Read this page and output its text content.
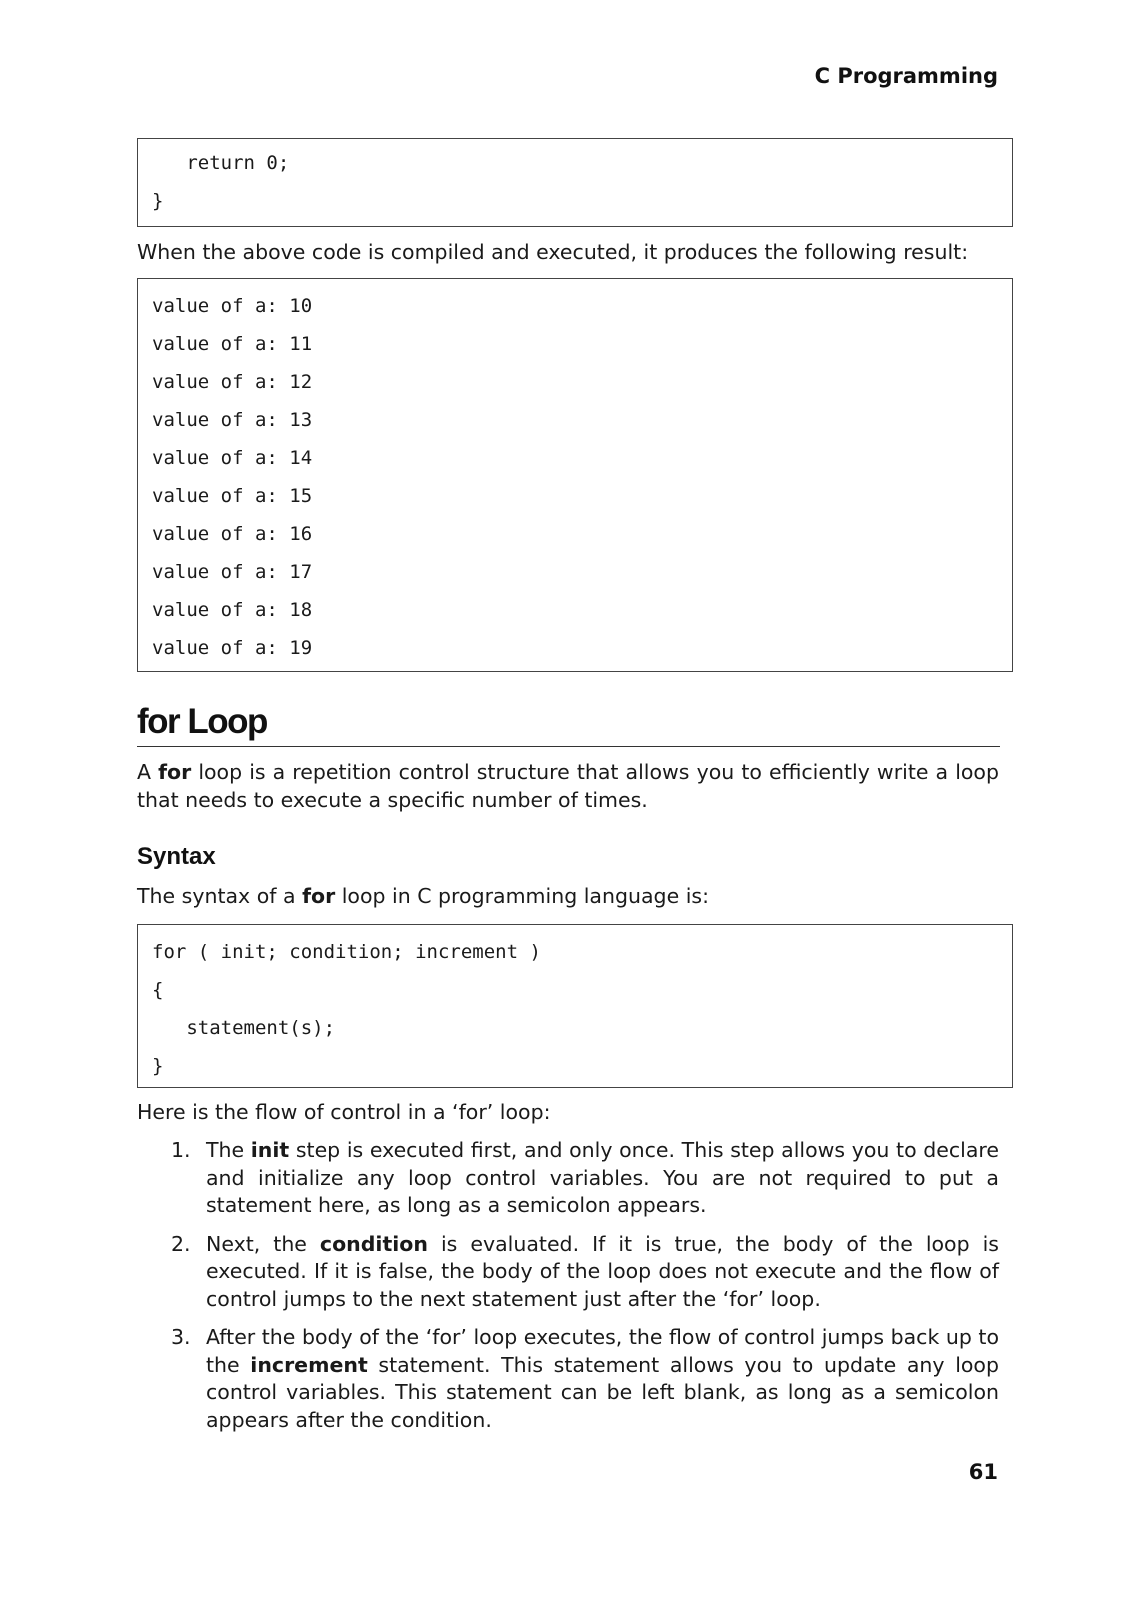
C Programming
return 0;
}
When the above code is compiled and executed, it produces the following result:
value of a: 10
value of a: 11
value of a: 12
value of a: 13
value of a: 14
value of a: 15
value of a: 16
value of a: 17
value of a: 18
value of a: 19
for Loop
A for loop is a repetition control structure that allows you to efficiently write a loop that needs to execute a specific number of times.
Syntax
The syntax of a for loop in C programming language is:
for ( init; condition; increment )
{
statement(s);
}
Here is the flow of control in a ‘for’ loop:
1. The init step is executed first, and only once. This step allows you to declare and initialize any loop control variables. You are not required to put a statement here, as long as a semicolon appears.
2. Next, the condition is evaluated. If it is true, the body of the loop is executed. If it is false, the body of the loop does not execute and the flow of control jumps to the next statement just after the ‘for’ loop.
3. After the body of the ‘for’ loop executes, the flow of control jumps back up to the increment statement. This statement allows you to update any loop control variables. This statement can be left blank, as long as a semicolon appears after the condition.
61
